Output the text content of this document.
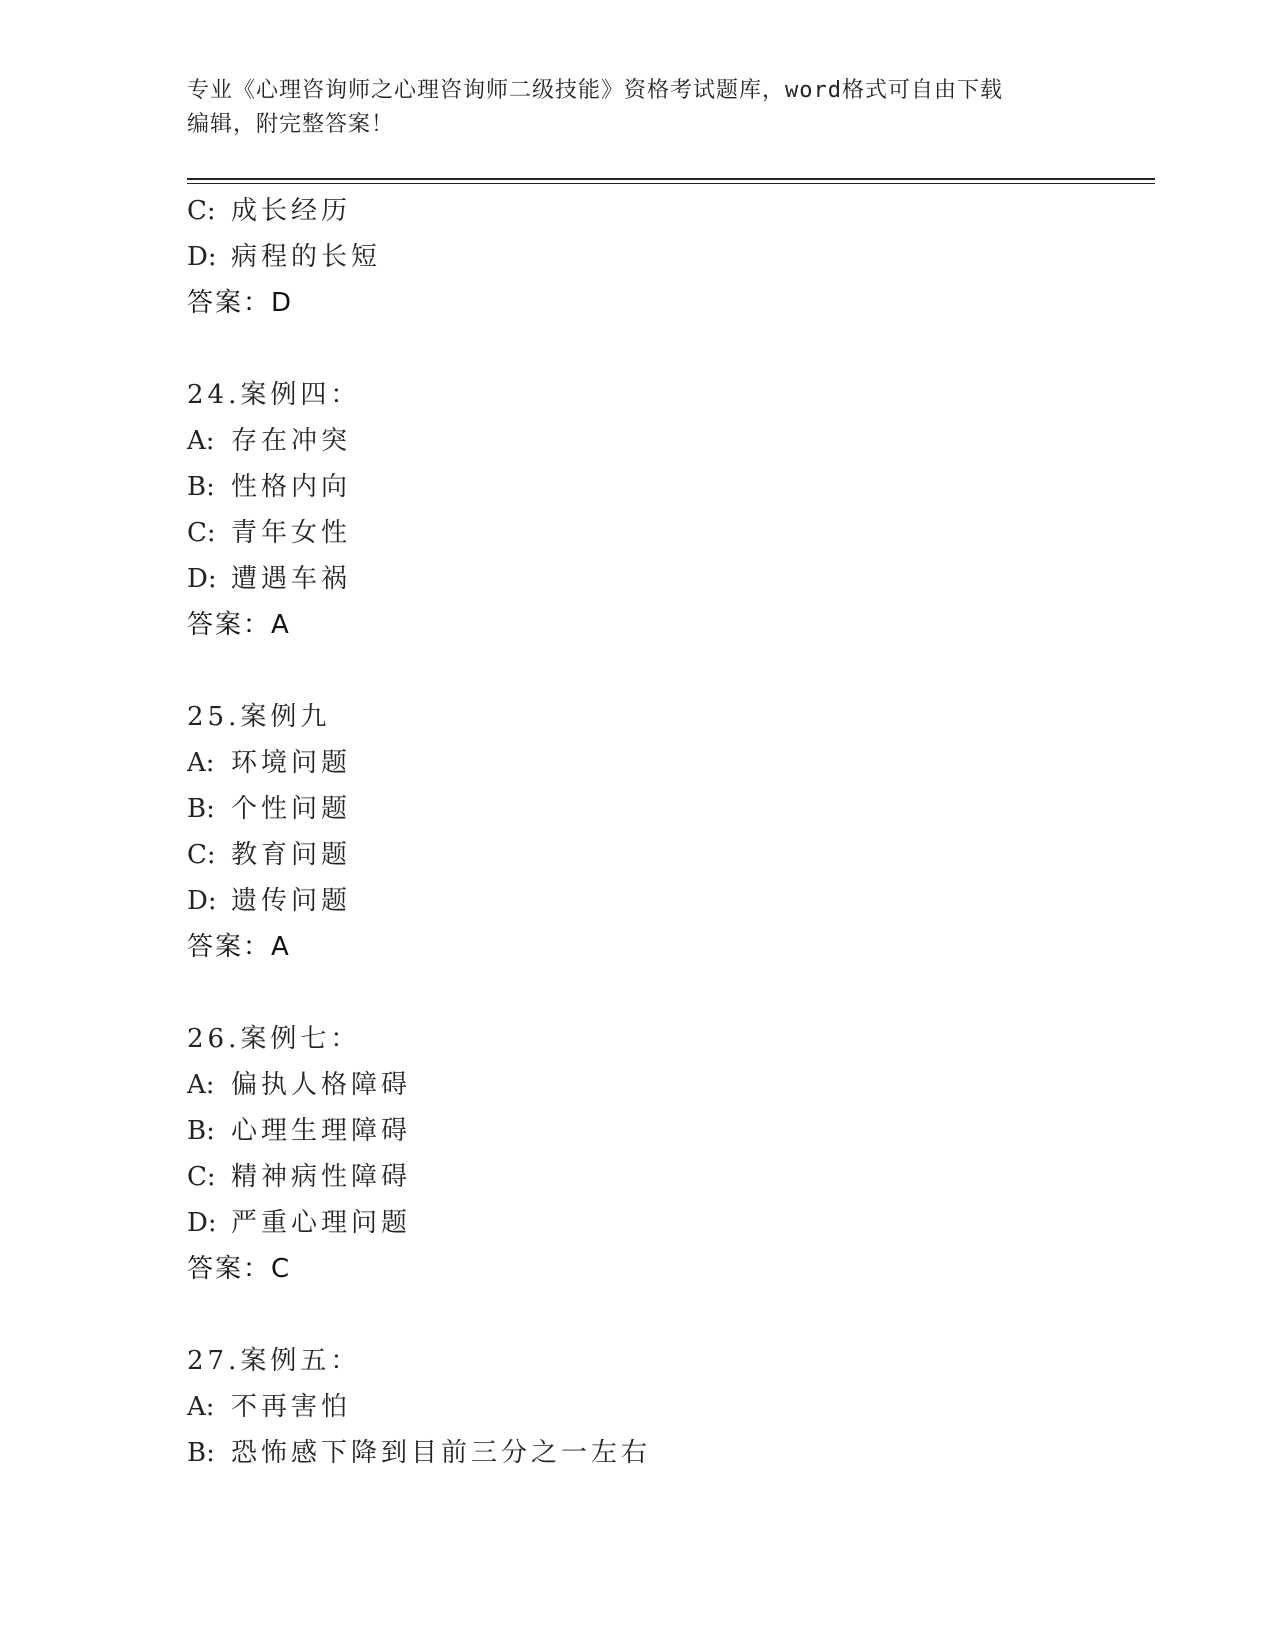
专业《心理咨询师之心理咨询师二级技能》资格考试题库，word格式可自由下载
编辑，附完整答案！
C: 成长经历
D: 病程的长短
答案：D
24.案例四：
A: 存在冲突
B: 性格内向
C: 青年女性
D: 遭遇车祸
答案：A
25.案例九
A: 环境问题
B: 个性问题
C: 教育问题
D: 遗传问题
答案：A
26.案例七：
A: 偏执人格障碍
B: 心理生理障碍
C: 精神病性障碍
D: 严重心理问题
答案：C
27.案例五：
A: 不再害怕
B: 恐怖感下降到目前三分之一左右
